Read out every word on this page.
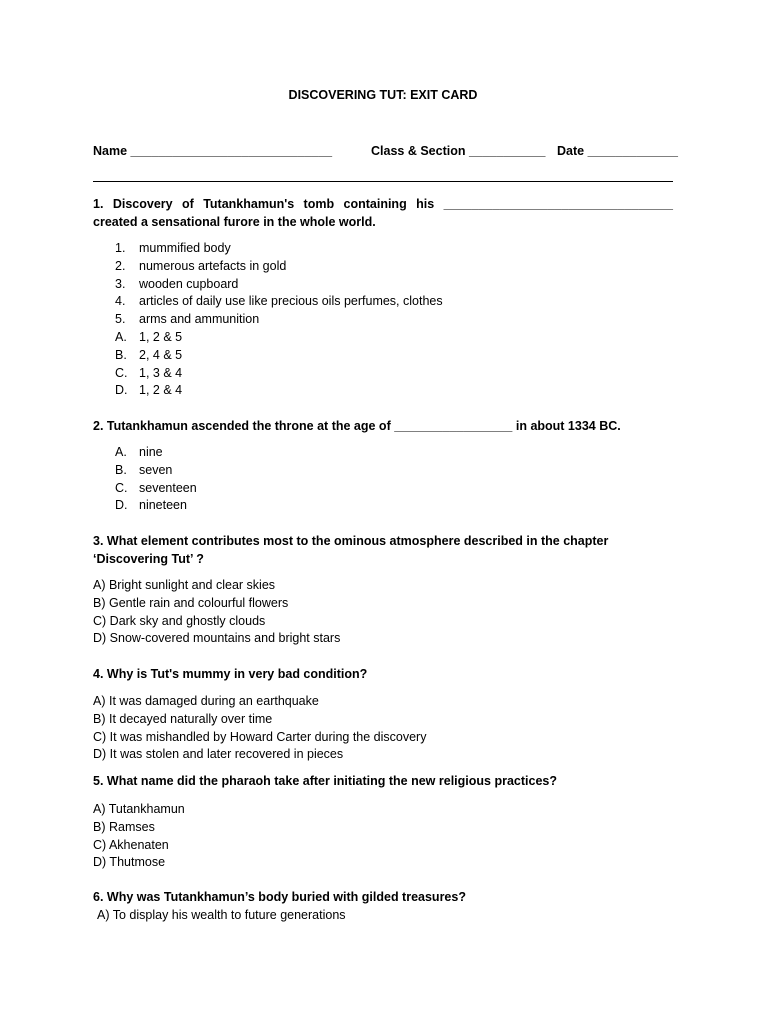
DISCOVERING TUT: EXIT CARD
Name _____________________________	Class & Section ___________ Date _____________

1. Discovery of Tutankhamun's tomb containing his _________________________________ created a sensational furore in the whole world.

1.	mummified body
2.	numerous artefacts in gold
3.	wooden cupboard
4.	articles of daily use like precious oils perfumes, clothes
5.	arms and ammunition
A. 1, 2 & 5
B. 2, 4 & 5
C. 1, 3 & 4
D. 1, 2 & 4

2. Tutankhamun ascended the throne at the age of _________________ in about 1334 BC.

A. nine
B. seven
C. seventeen
D. nineteen

3. What element contributes most to the ominous atmosphere described in the chapter ‘Discovering Tut’ ?

A) Bright sunlight and clear skies
B) Gentle rain and colourful flowers
C) Dark sky and ghostly clouds
D) Snow-covered mountains and bright stars

4. Why is Tut's mummy in very bad condition?

A) It was damaged during an earthquake
B) It decayed naturally over time
C) It was mishandled by Howard Carter during the discovery
D) It was stolen and later recovered in pieces

5. What name did the pharaoh take after initiating the new religious practices?

A) Tutankhamun
B) Ramses
C) Akhenaten
D) Thutmose

6. Why was Tutankhamun’s body buried with gilded treasures?

A) To display his wealth to future generations
